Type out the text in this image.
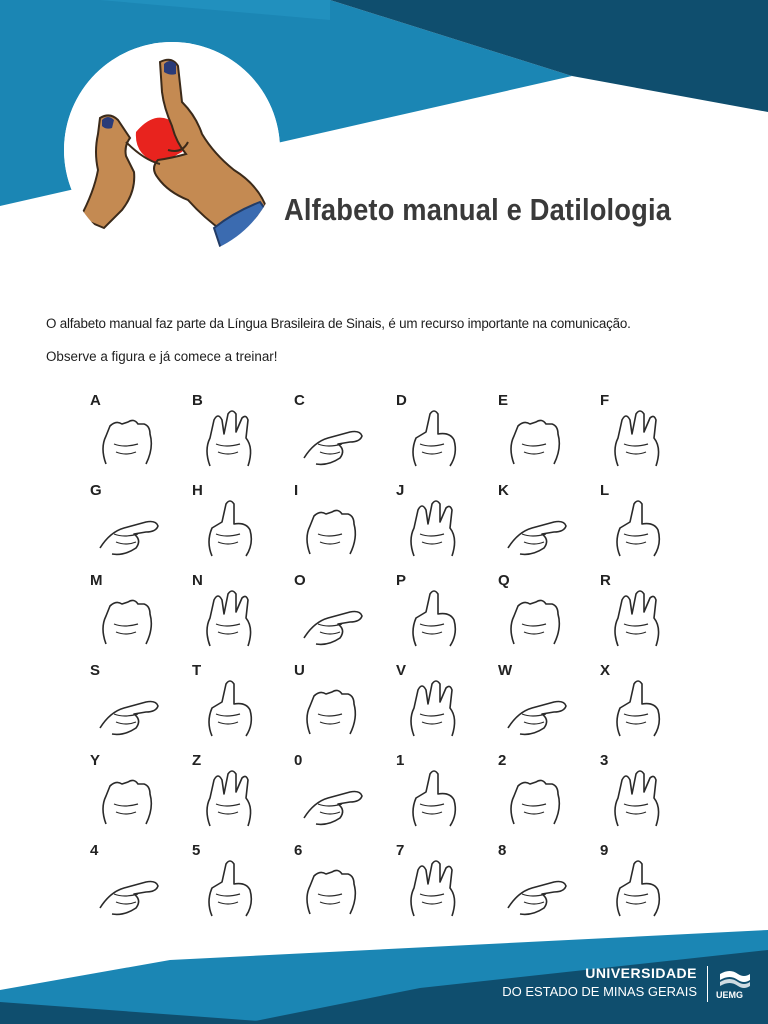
Alfabeto manual e Datilologia
O alfabeto manual faz parte da Língua Brasileira de Sinais, é um recurso importante na comunicação.
Observe a figura e já comece a treinar!
A	B	C	D	E	F
G	H	I	J	K	L
M	N	O	P	Q	R
S	T	U	V	W	X
Y	Z	0	1	2	3
4	5	6	7	8	9
UNIVERSIDADE
DO ESTADO DE MINAS GERAIS UEMG
